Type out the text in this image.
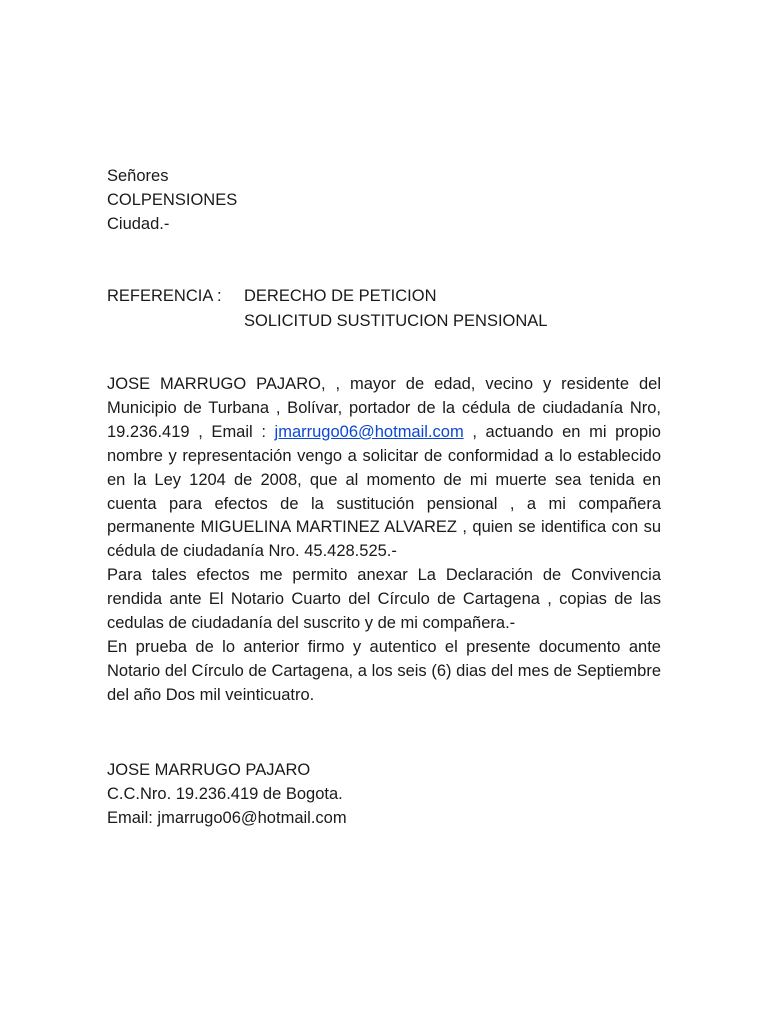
Señores
COLPENSIONES
Ciudad.-
REFERENCIA : DERECHO DE PETICION
SOLICITUD SUSTITUCION PENSIONAL

JOSE MARRUGO PAJARO, , mayor de edad, vecino y residente del Municipio de Turbana , Bolívar, portador de la cédula de ciudadanía Nro, 19.236.419 , Email : jmarrugo06@hotmail.com , actuando en mi propio nombre y representación vengo a solicitar de conformidad a lo establecido en la Ley 1204 de 2008, que al momento de mi muerte sea tenida en cuenta para efectos de la sustitución pensional , a mi compañera permanente MIGUELINA MARTINEZ ALVAREZ , quien se identifica con su cédula de ciudadanía Nro. 45.428.525.-

Para tales efectos me permito anexar La Declaración de Convivencia rendida ante El Notario Cuarto del Círculo de Cartagena , copias de las cedulas de ciudadanía del suscrito y de mi compañera.-

En prueba de lo anterior firmo y autentico el presente documento ante Notario del Círculo de Cartagena, a los seis (6) dias del mes de Septiembre del año Dos mil veinticuatro.

JOSE MARRUGO PAJARO
C.C.Nro. 19.236.419 de Bogota.
Email: jmarrugo06@hotmail.com
